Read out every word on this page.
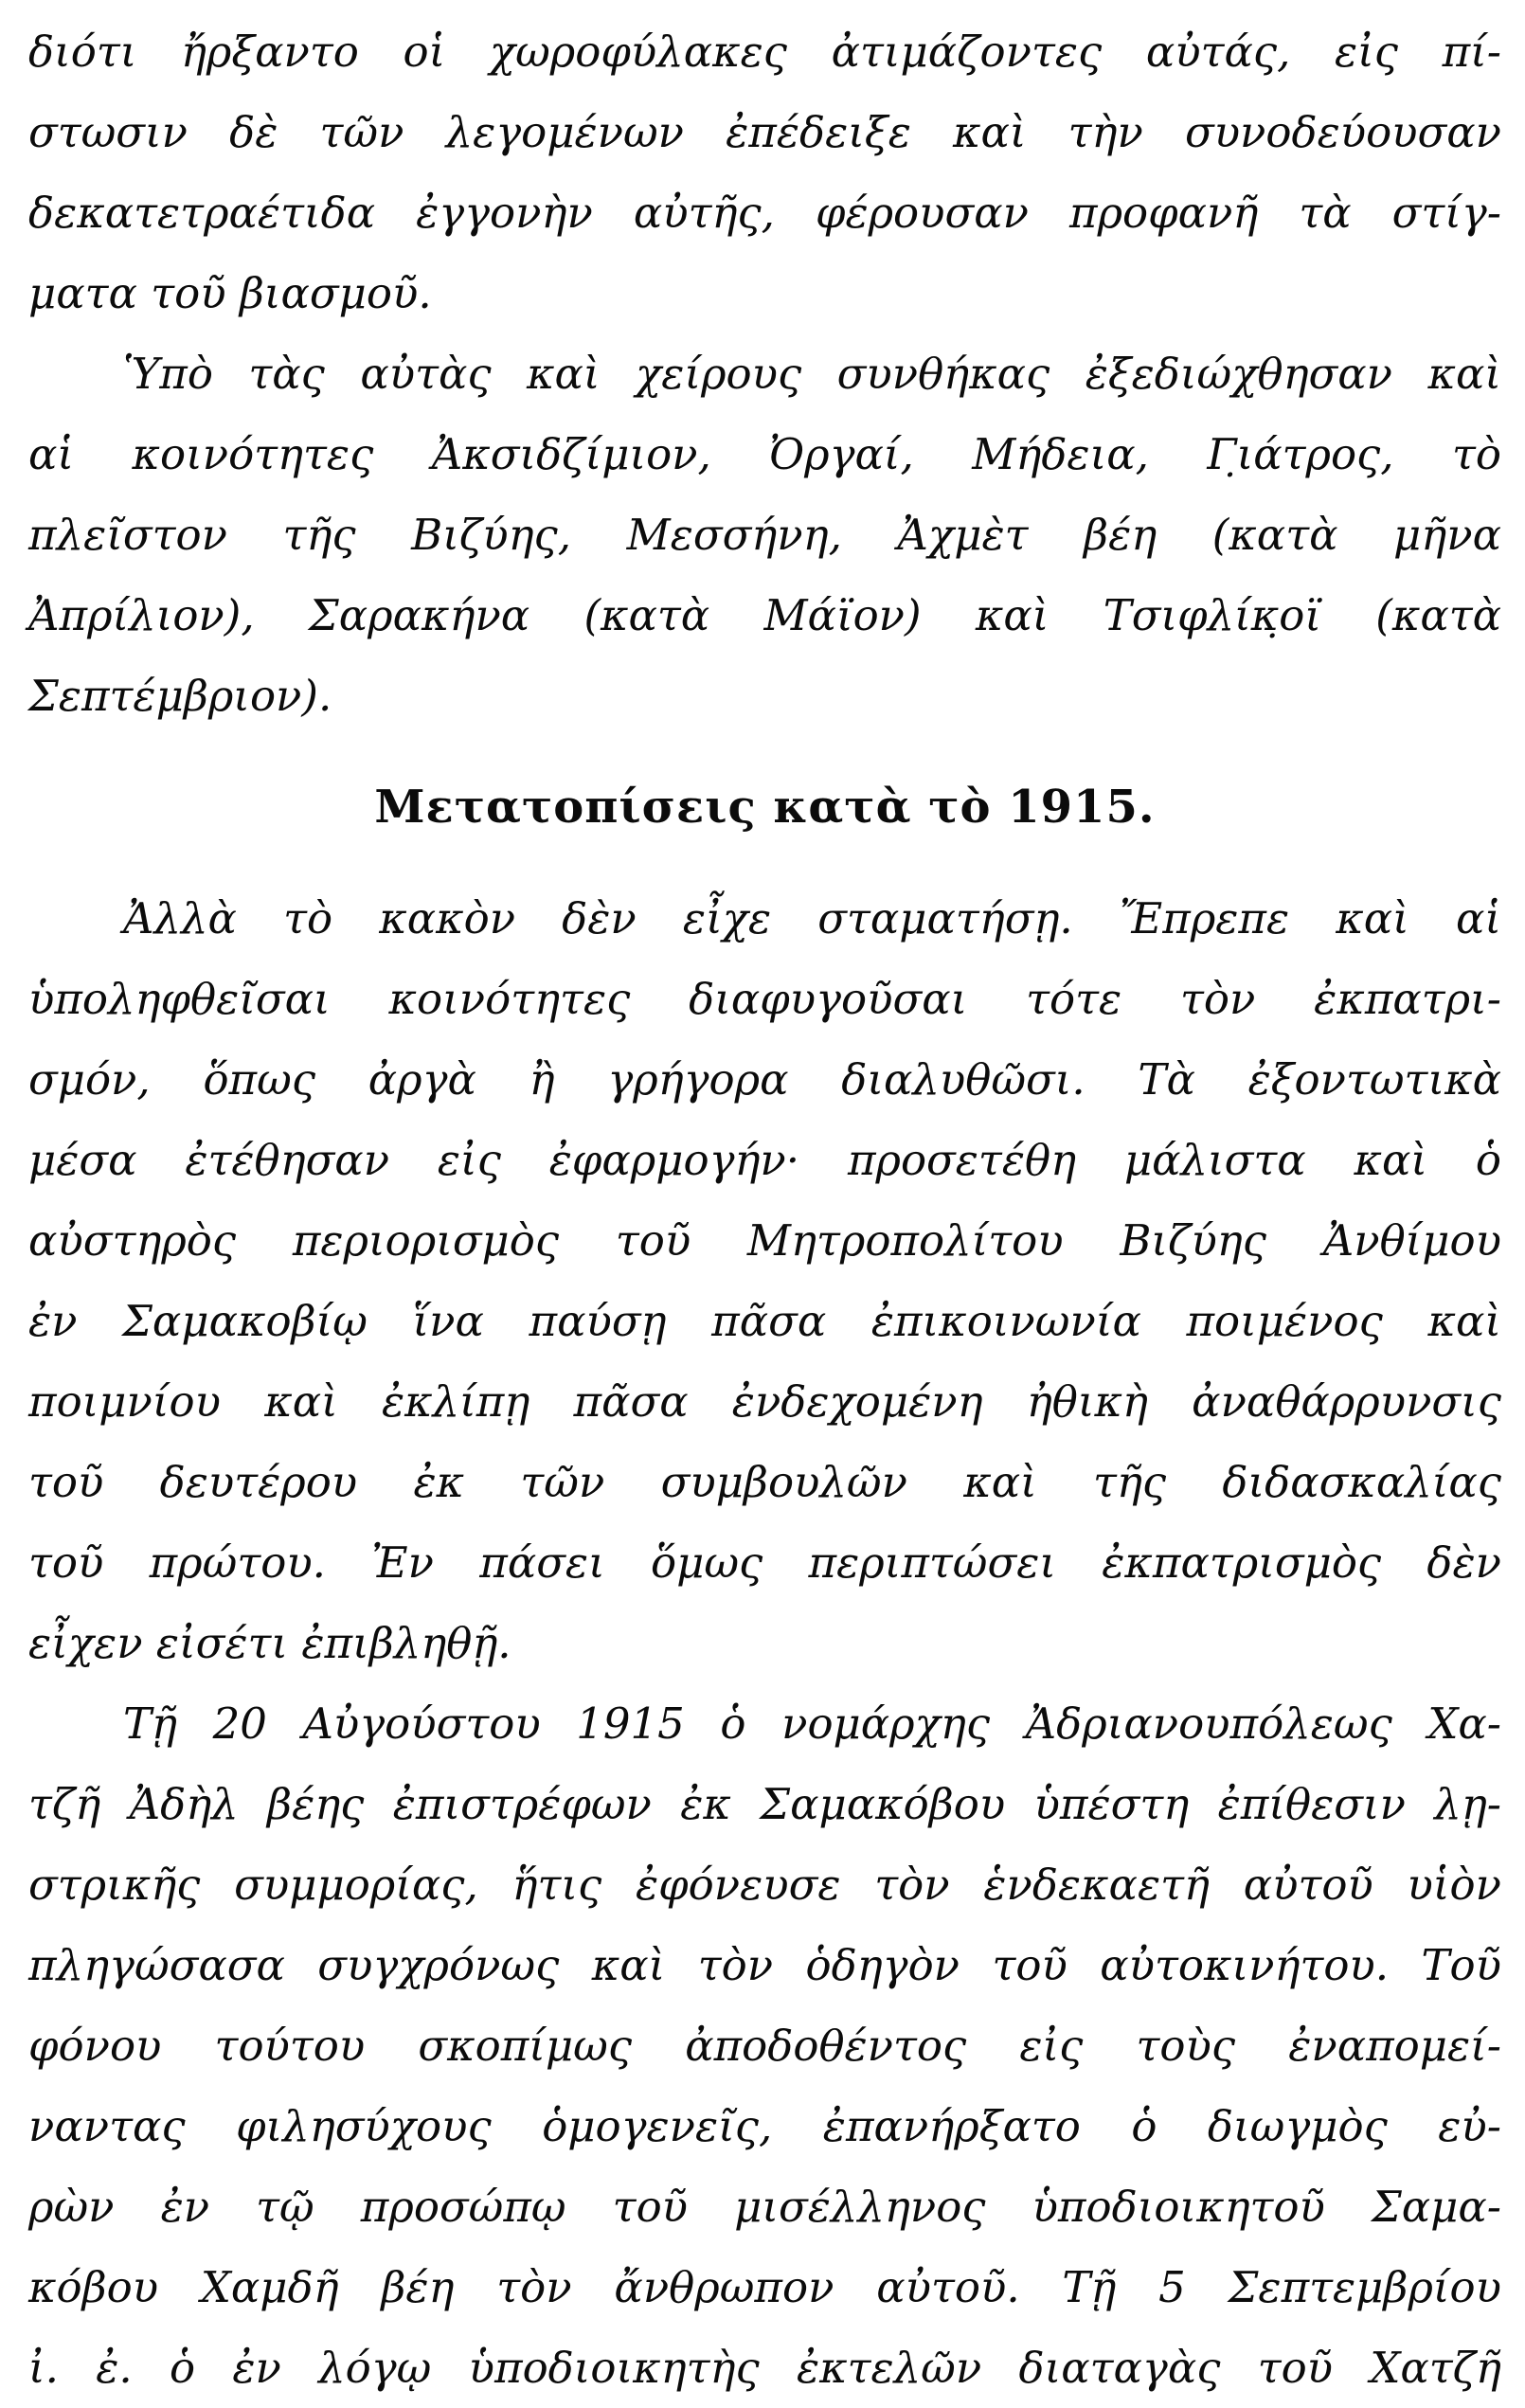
διότι ἤρξαντο οἱ χωροφύλακες ἀτιμάζοντες αὐτάς, εἰς πί-
στωσιν δὲ τῶν λεγομένων ἐπέδειξε καὶ τὴν συνοδεύουσαν
δεκατετραέτιδα ἐγγονὴν αὐτῆς, φέρουσαν προφανῆ τὰ στίγ-
ματα τοῦ βιασμοῦ.
Ὑπὸ τὰς αὐτὰς καὶ χείρους συνθήκας ἐξεδιώχθησαν καὶ
αἱ κοινότητες Ἀκσιδζίμιον, Ὀργαί, Μήδεια, Γ̣ιάτρος, τὸ
πλεῖστον τῆς Βιζύης, Μεσσήνη, Ἀχμὲτ βέη (κατὰ μῆνα
Ἀπρίλιον), Σαρακήνα (κατὰ Μάϊον) καὶ Τσιφλίκ̣οϊ (κατὰ
Σεπτέμβριον).
Μετατοπίσεις κατὰ τὸ 1915.
Ἀλλὰ τὸ κακὸν δὲν εἶχε σταματήσῃ. Ἔπρεπε καὶ αἱ
ὑποληφθεῖσαι κοινότητες διαφυγοῦσαι τότε τὸν ἐκπατρι-
σμόν, ὅπως ἀργὰ ἢ γρήγορα διαλυθῶσι. Τὰ ἐξοντωτικὰ
μέσα ἐτέθησαν εἰς ἐφαρμογήν· προσετέθη μάλιστα καὶ ὁ
αὐστηρὸς περιορισμὸς τοῦ Μητροπολίτου Βιζύης Ἀνθίμου
ἐν Σαμακοβίῳ ἵνα παύσῃ πᾶσα ἐπικοινωνία ποιμένος καὶ
ποιμνίου καὶ ἐκλίπῃ πᾶσα ἐνδεχομένη ἠθικὴ ἀναθάρρυνσις
τοῦ δευτέρου ἐκ τῶν συμβουλῶν καὶ τῆς διδασκαλίας
τοῦ πρώτου. Ἐν πάσει ὅμως περιπτώσει ἐκπατρισμὸς δὲν
εἶχεν εἰσέτι ἐπιβληθῇ.
Τῇ 20 Αὐγούστου 1915 ὁ νομάρχης Ἀδριανουπόλεως Χα-
τζῆ Ἀδὴλ βέης ἐπιστρέφων ἐκ Σαμακόβου ὑπέστη ἐπίθεσιν λῃ-
στρικῆς συμμορίας, ἥτις ἐφόνευσε τὸν ἑνδεκαετῆ αὐτοῦ υἱὸν
πληγώσασα συγχρόνως καὶ τὸν ὁδηγὸν τοῦ αὐτοκινήτου. Τοῦ
φόνου τούτου σκοπίμως ἀποδοθέντος εἰς τοὺς ἐναπομεί-
ναντας φιλησύχους ὁμογενεῖς, ἐπανήρξατο ὁ διωγμὸς εὐ-
ρὼν ἐν τῷ προσώπῳ τοῦ μισέλληνος ὑποδιοικητοῦ Σαμα-
κόβου Χαμδῆ βέη τὸν ἄνθρωπον αὐτοῦ. Τῇ 5 Σεπτεμβρίου
ἰ. ἐ. ὁ ἐν λόγῳ ὑποδιοικητὴς ἐκτελῶν διαταγὰς τοῦ Χατζῆ
